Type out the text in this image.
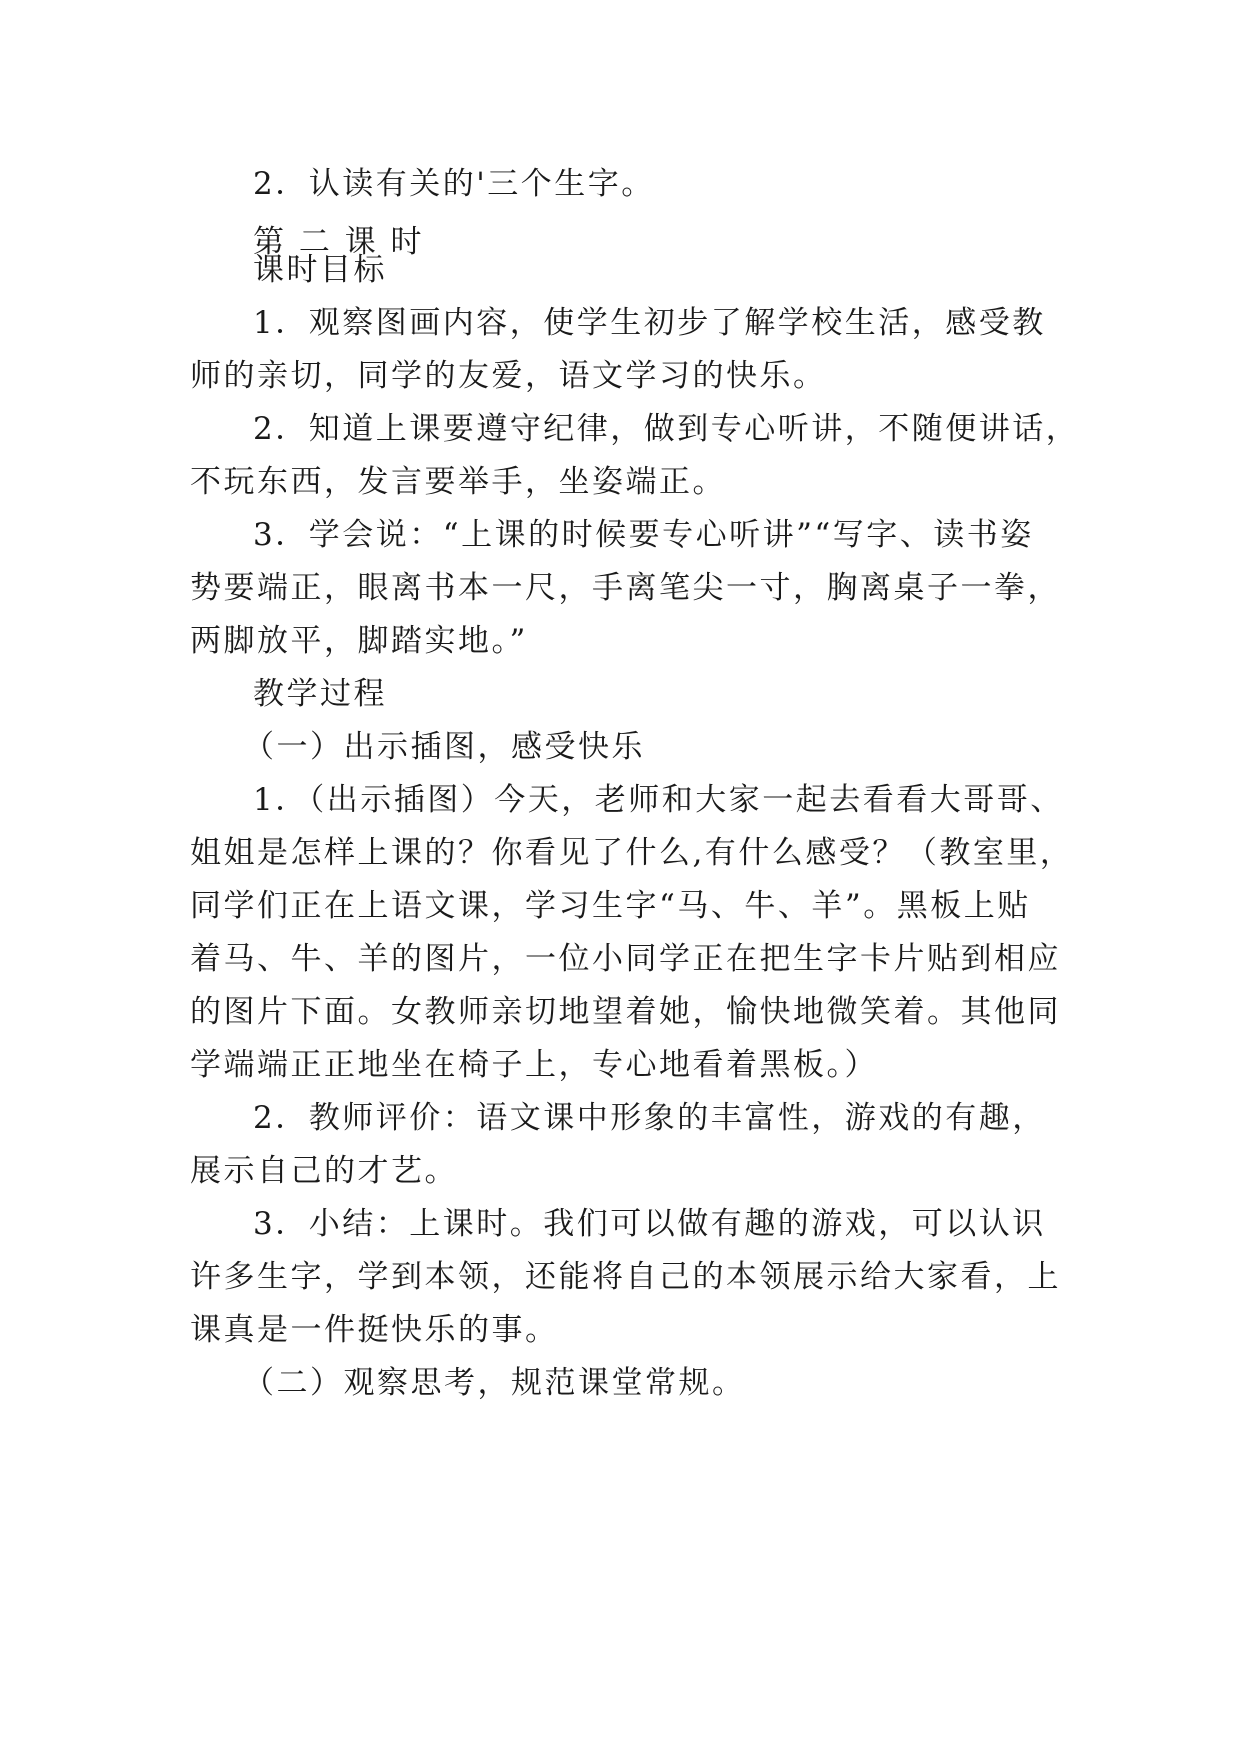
2．认读有关的'三个生字。
第 二 课 时
课时目标
1．观察图画内容，使学生初步了解学校生活，感受教
师的亲切，同学的友爱，语文学习的快乐。
2．知道上课要遵守纪律，做到专心听讲，不随便讲话，
不玩东西，发言要举手，坐姿端正。
3．学会说：“上课的时候要专心听讲”“写字、读书姿
势要端正，眼离书本一尺，手离笔尖一寸，胸离桌子一拳，
两脚放平，脚踏实地。”
教学过程
（一）出示插图，感受快乐
1．（出示插图）今天，老师和大家一起去看看大哥哥、
姐姐是怎样上课的？你看见了什么,有什么感受？（教室里，
同学们正在上语文课，学习生字“马、牛、羊”。黑板上贴
着马、牛、羊的图片，一位小同学正在把生字卡片贴到相应
的图片下面。女教师亲切地望着她，愉快地微笑着。其他同
学端端正正地坐在椅子上，专心地看着黑板。）
2．教师评价：语文课中形象的丰富性，游戏的有趣，
展示自己的才艺。
3．小结：上课时。我们可以做有趣的游戏，可以认识
许多生字，学到本领，还能将自己的本领展示给大家看，上
课真是一件挺快乐的事。
（二）观察思考，规范课堂常规。
